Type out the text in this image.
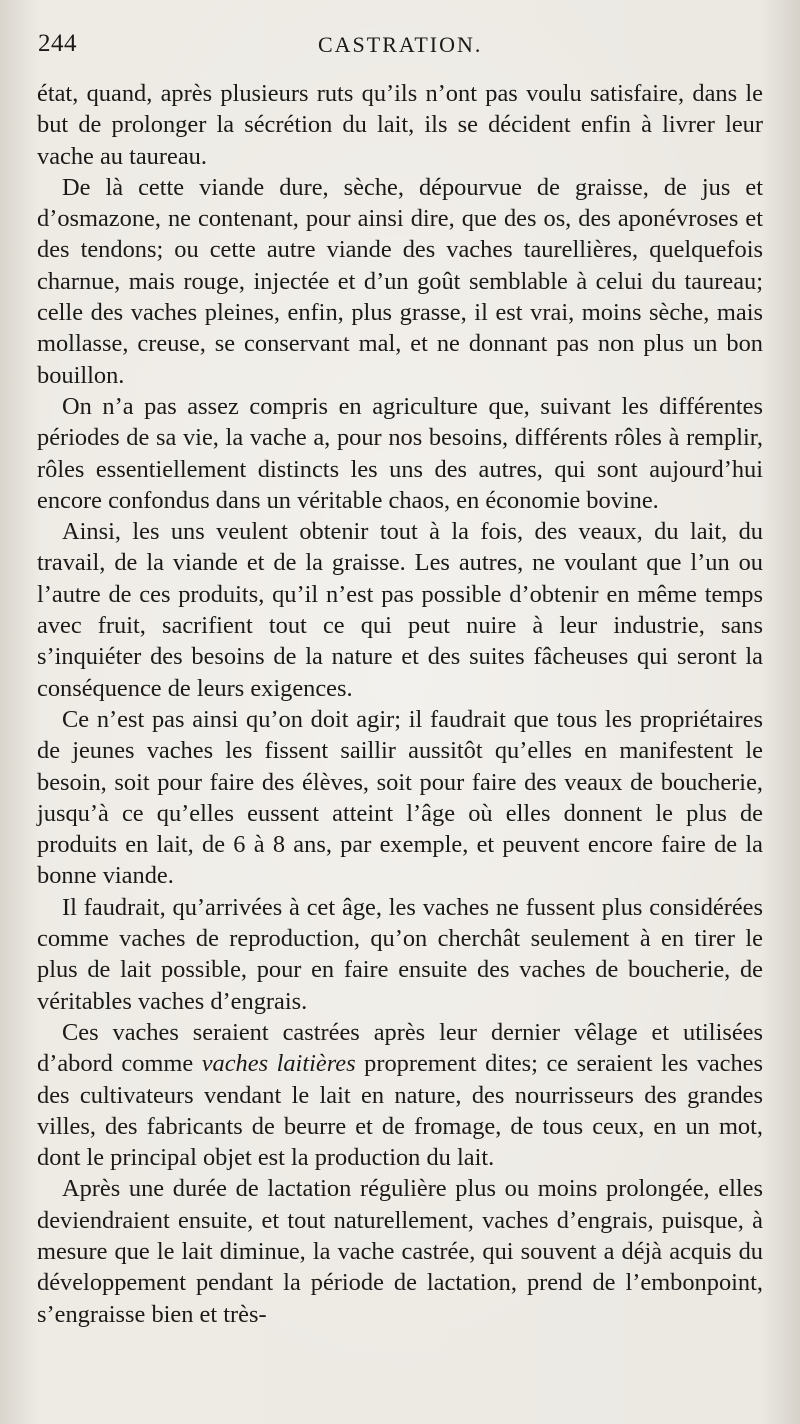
244	CASTRATION.

état, quand, après plusieurs ruts qu’ils n’ont pas voulu satisfaire, dans le but de prolonger la sécrétion du lait, ils se décident enfin à livrer leur vache au taureau.

De là cette viande dure, sèche, dépourvue de graisse, de jus et d’osmazone, ne contenant, pour ainsi dire, que des os, des aponévroses et des tendons; ou cette autre viande des vaches taurellières, quelquefois charnue, mais rouge, injectée et d’un goût semblable à celui du taureau; celle des vaches pleines, enfin, plus grasse, il est vrai, moins sèche, mais mollasse, creuse, se conservant mal, et ne donnant pas non plus un bon bouillon.

On n’a pas assez compris en agriculture que, suivant les différentes périodes de sa vie, la vache a, pour nos besoins, différents rôles à remplir, rôles essentiellement distincts les uns des autres, qui sont aujourd’hui encore confondus dans un véritable chaos, en économie bovine.

Ainsi, les uns veulent obtenir tout à la fois, des veaux, du lait, du travail, de la viande et de la graisse. Les autres, ne voulant que l’un ou l’autre de ces produits, qu’il n’est pas possible d’obtenir en même temps avec fruit, sacrifient tout ce qui peut nuire à leur industrie, sans s’inquiéter des besoins de la nature et des suites fâcheuses qui seront la conséquence de leurs exigences.

Ce n’est pas ainsi qu’on doit agir; il faudrait que tous les propriétaires de jeunes vaches les fissent saillir aussitôt qu’elles en manifestent le besoin, soit pour faire des élèves, soit pour faire des veaux de boucherie, jusqu’à ce qu’elles eussent atteint l’âge où elles donnent le plus de produits en lait, de 6 à 8 ans, par exemple, et peuvent encore faire de la bonne viande.

Il faudrait, qu’arrivées à cet âge, les vaches ne fussent plus considérées comme vaches de reproduction, qu’on cherchât seulement à en tirer le plus de lait possible, pour en faire ensuite des vaches de boucherie, de véritables vaches d’engrais.

Ces vaches seraient castrées après leur dernier vêlage et utilisées d’abord comme vaches laitières proprement dites; ce seraient les vaches des cultivateurs vendant le lait en nature, des nourrisseurs des grandes villes, des fabricants de beurre et de fromage, de tous ceux, en un mot, dont le principal objet est la production du lait.

Après une durée de lactation régulière plus ou moins prolongée, elles deviendraient ensuite, et tout naturellement, vaches d’engrais, puisque, à mesure que le lait diminue, la vache castrée, qui souvent a déjà acquis du développement pendant la période de lactation, prend de l’embonpoint, s’engraisse bien et très-
